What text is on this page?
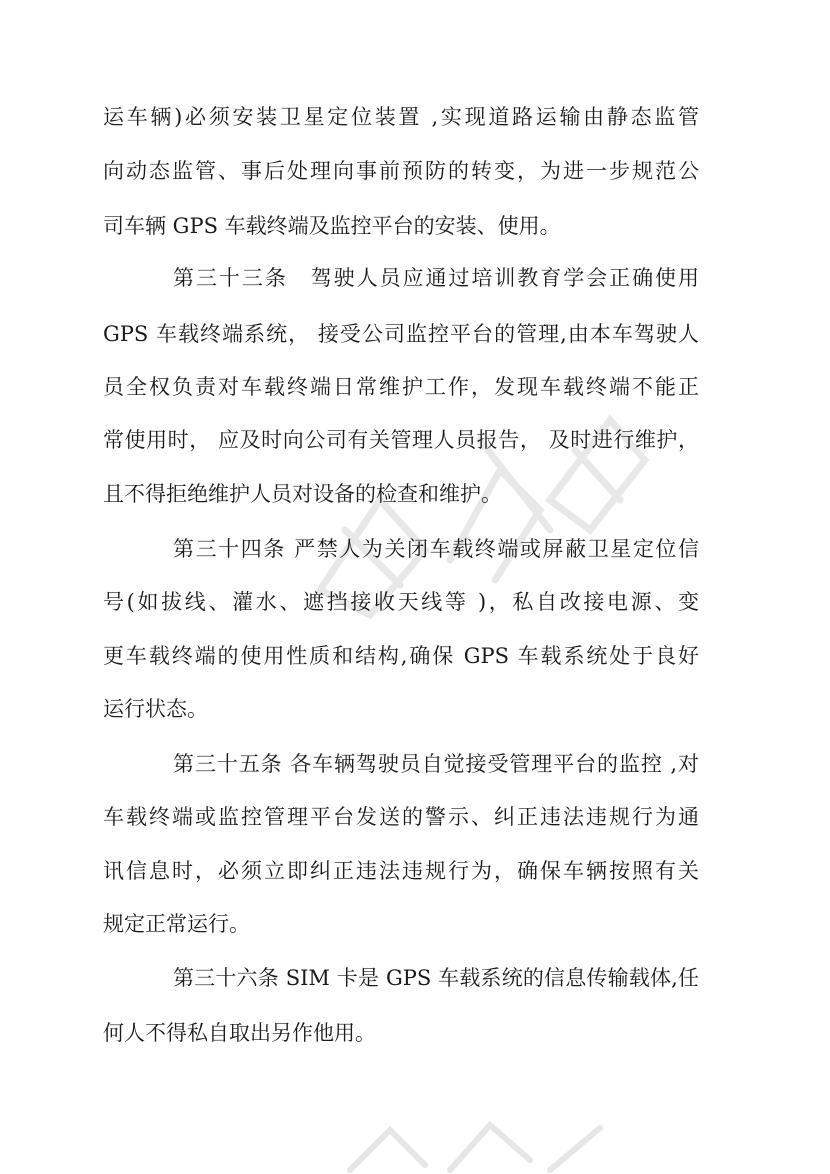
运车辆)必须安装卫星定位装置 ,实现道路运输由静态监管
向动态监管、事后处理向事前预防的转变，为进一步规范公
司车辆 GPS 车载终端及监控平台的安装、使用。
第三十三条　驾驶人员应通过培训教育学会正确使用
GPS 车载终端系统， 接受公司监控平台的管理,由本车驾驶人
员全权负责对车载终端日常维护工作，发现车载终端不能正
常使用时， 应及时向公司有关管理人员报告， 及时进行维护，
且不得拒绝维护人员对设备的检查和维护。
第三十四条 严禁人为关闭车载终端或屏蔽卫星定位信
号(如拔线、灌水、遮挡接收天线等 )，私自改接电源、变
更车载终端的使用性质和结构,确保 GPS 车载系统处于良好
运行状态。
第三十五条 各车辆驾驶员自觉接受管理平台的监控 ,对
车载终端或监控管理平台发送的警示、纠正违法违规行为通
讯信息时，必须立即纠正违法违规行为，确保车辆按照有关
规定正常运行。
第三十六条 SIM 卡是 GPS 车载系统的信息传输载体,任
何人不得私自取出另作他用。
